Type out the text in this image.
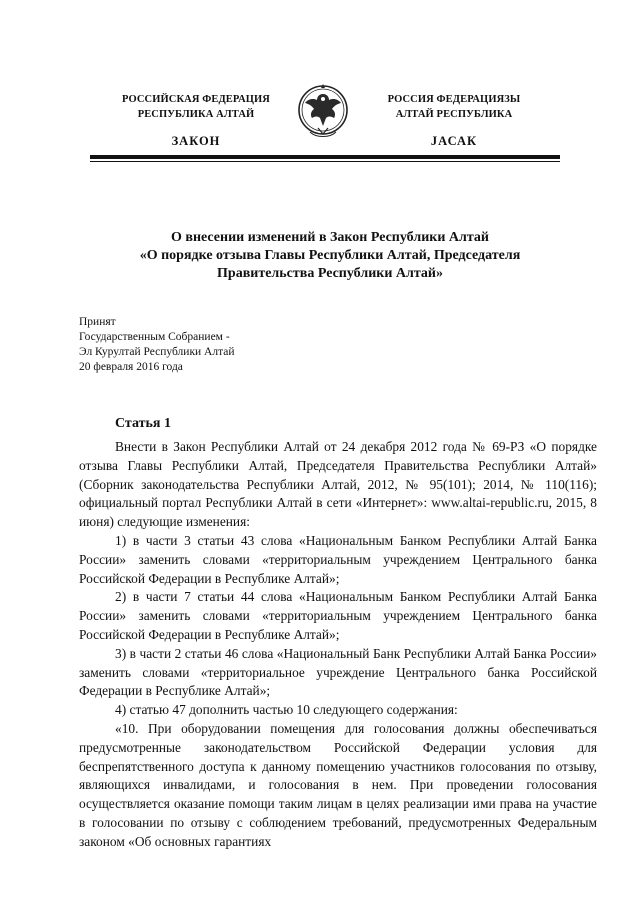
РОССИЙСКАЯ ФЕДЕРАЦИЯ
РЕСПУБЛИКА АЛТАЙ
ЗАКОН
РОССИЯ ФЕДЕРАЦИЯЗЫ
АЛТАЙ РЕСПУБЛИКА
JАСАК
О внесении изменений в Закон Республики Алтай
«О порядке отзыва Главы Республики Алтай, Председателя
Правительства Республики Алтай»
Принят
Государственным Собранием -
Эл Курултай Республики Алтай
20 февраля 2016 года
Статья 1

Внести в Закон Республики Алтай от 24 декабря 2012 года № 69-РЗ «О порядке отзыва Главы Республики Алтай, Председателя Правительства Республики Алтай» (Сборник законодательства Республики Алтай, 2012, № 95(101); 2014, № 110(116); официальный портал Республики Алтай в сети «Интернет»: www.altai-republic.ru, 2015, 8 июня) следующие изменения:

1) в части 3 статьи 43 слова «Национальным Банком Республики Алтай Банка России» заменить словами «территориальным учреждением Центрального банка Российской Федерации в Республике Алтай»;

2) в части 7 статьи 44 слова «Национальным Банком Республики Алтай Банка России» заменить словами «территориальным учреждением Центрального банка Российской Федерации в Республике Алтай»;

3) в части 2 статьи 46 слова «Национальный Банк Республики Алтай Банка России» заменить словами «территориальное учреждение Центрального банка Российской Федерации в Республике Алтай»;

4) статью 47 дополнить частью 10 следующего содержания:

«10. При оборудовании помещения для голосования должны обеспечиваться предусмотренные законодательством Российской Федерации условия для беспрепятственного доступа к данному помещению участников голосования по отзыву, являющихся инвалидами, и голосования в нем. При проведении голосования осуществляется оказание помощи таким лицам в целях реализации ими права на участие в голосовании по отзыву с соблюдением требований, предусмотренных Федеральным законом «Об основных гарантиях
